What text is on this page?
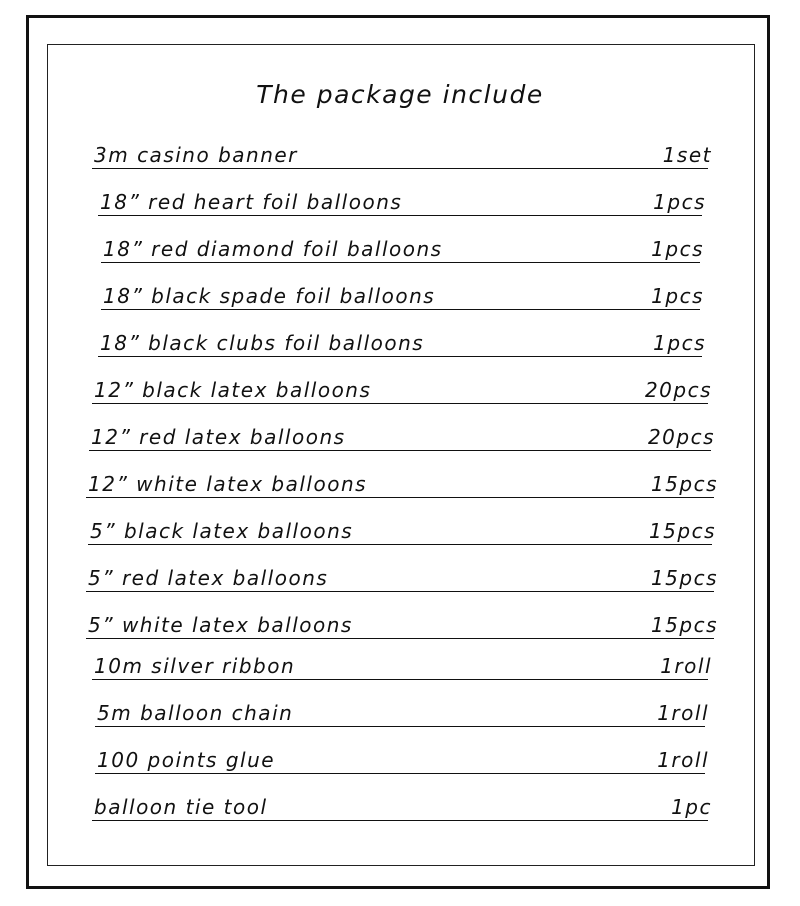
The package include
3m casino banner	1set
18” red heart foil balloons	1pcs
18” red diamond foil balloons	1pcs
18” black spade foil balloons	1pcs
18” black clubs foil balloons	1pcs
12” black latex balloons	20pcs
12” red latex balloons	20pcs
12” white latex balloons	15pcs
5” black latex balloons	15pcs
5” red latex balloons	15pcs
5” white latex balloons	15pcs
10m silver ribbon	1roll
5m balloon chain	1roll
100 points glue	1roll
balloon tie tool	1pc
